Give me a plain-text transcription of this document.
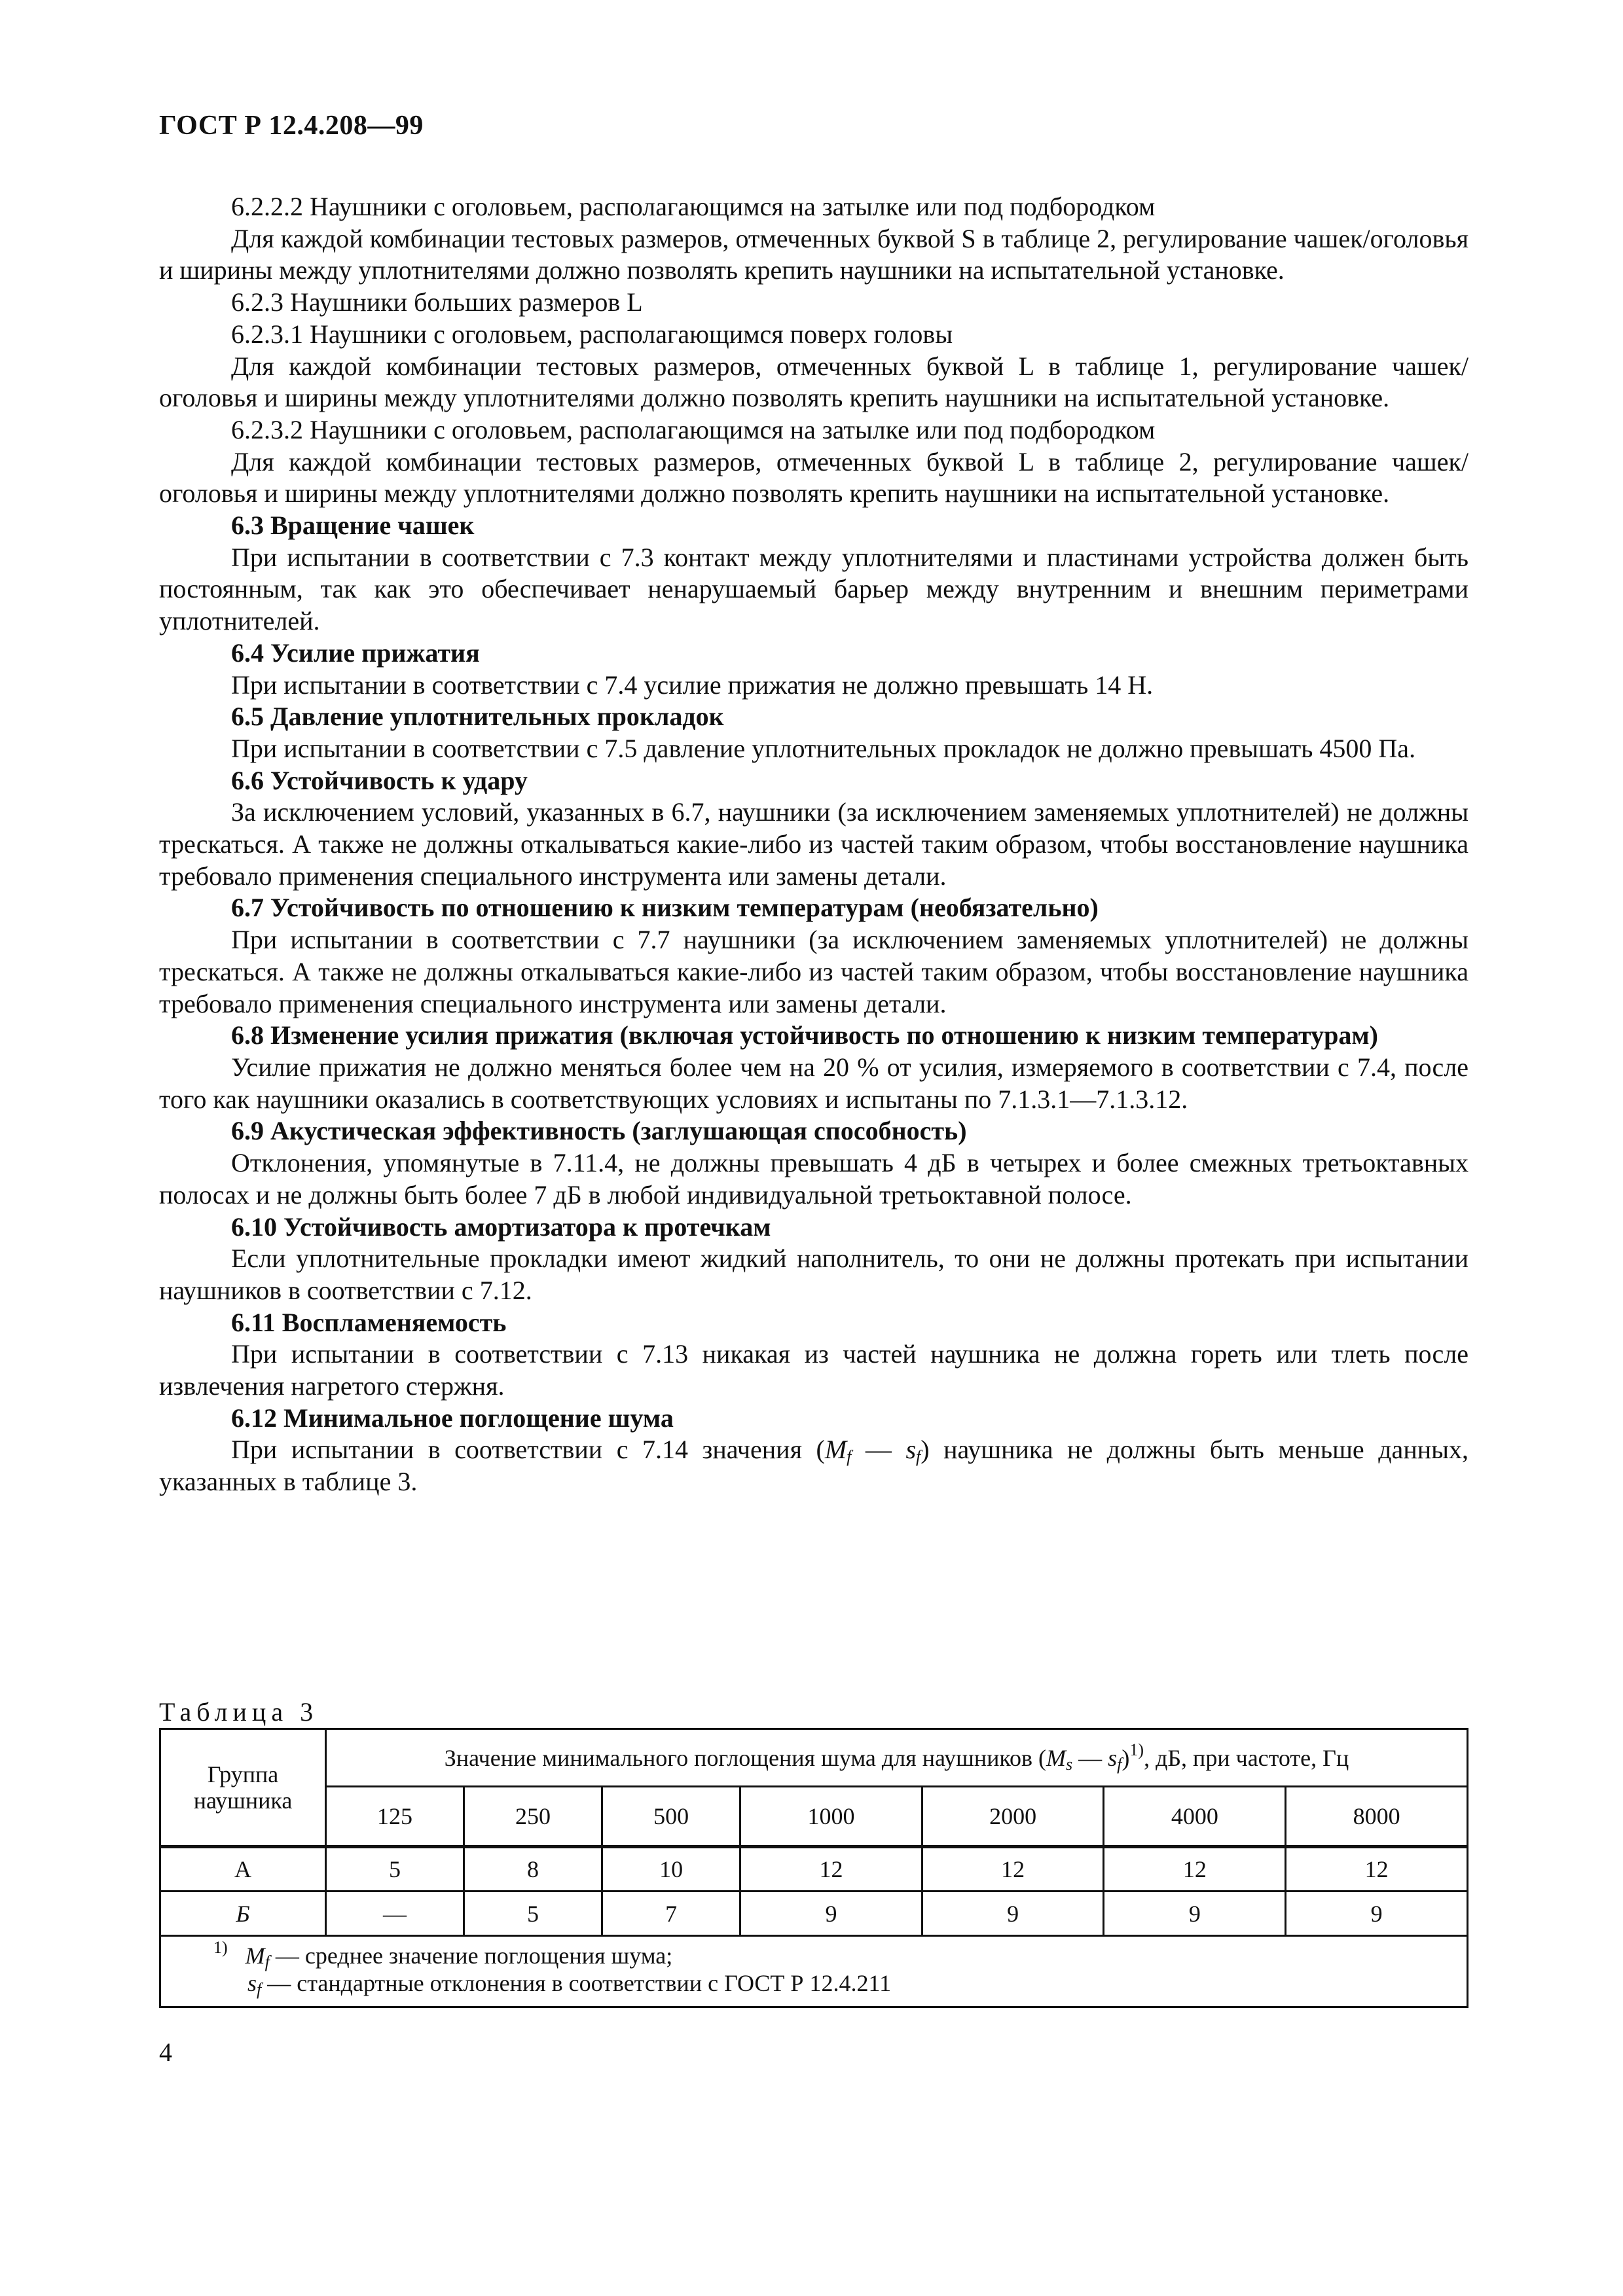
ГОСТ Р 12.4.208—99

6.2.2.2 Наушники с оголовьем, располагающимся на затылке или под подбородком

Для каждой комбинации тестовых размеров, отмеченных буквой S в таблице 2, регулирование чашек/оголовья и ширины между уплотнителями должно позволять крепить наушники на испытательной установке.

6.2.3 Наушники больших размеров L

6.2.3.1 Наушники с оголовьем, располагающимся поверх головы

Для каждой комбинации тестовых размеров, отмеченных буквой L в таблице 1, регулирование чашек/оголовья и ширины между уплотнителями должно позволять крепить наушники на испытательной установке.

6.2.3.2 Наушники с оголовьем, располагающимся на затылке или под подбородком

Для каждой комбинации тестовых размеров, отмеченных буквой L в таблице 2, регулирование чашек/оголовья и ширины между уплотнителями должно позволять крепить наушники на испытательной установке.

6.3 Вращение чашек

При испытании в соответствии с 7.3 контакт между уплотнителями и пластинами устройства должен быть постоянным, так как это обеспечивает ненарушаемый барьер между внутренним и внешним периметрами уплотнителей.

6.4 Усилие прижатия

При испытании в соответствии с 7.4 усилие прижатия не должно превышать 14 Н.

6.5 Давление уплотнительных прокладок

При испытании в соответствии с 7.5 давление уплотнительных прокладок не должно превышать 4500 Па.

6.6 Устойчивость к удару

За исключением условий, указанных в 6.7, наушники (за исключением заменяемых уплотнителей) не должны трескаться. А также не должны откалываться какие-либо из частей таким образом, чтобы восстановление наушника требовало применения специального инструмента или замены детали.

6.7 Устойчивость по отношению к низким температурам (необязательно)

При испытании в соответствии с 7.7 наушники (за исключением заменяемых уплотнителей) не должны трескаться. А также не должны откалываться какие-либо из частей таким образом, чтобы восстановление наушника требовало применения специального инструмента или замены детали.

6.8 Изменение усилия прижатия (включая устойчивость по отношению к низким температурам)

Усилие прижатия не должно меняться более чем на 20 % от усилия, измеряемого в соответствии с 7.4, после того как наушники оказались в соответствующих условиях и испытаны по 7.1.3.1—7.1.3.12.

6.9 Акустическая эффективность (заглушающая способность)

Отклонения, упомянутые в 7.11.4, не должны превышать 4 дБ в четырех и более смежных третьоктавных полосах и не должны быть более 7 дБ в любой индивидуальной третьоктавной полосе.

6.10 Устойчивость амортизатора к протечкам

Если уплотнительные прокладки имеют жидкий наполнитель, то они не должны протекать при испытании наушников в соответствии с 7.12.

6.11 Воспламеняемость

При испытании в соответствии с 7.13 никакая из частей наушника не должна гореть или тлеть после извлечения нагретого стержня.

6.12 Минимальное поглощение шума

При испытании в соответствии с 7.14 значения ($M_f$ — $s_f$) наушника не должны быть меньше данных, указанных в таблице 3.

Таблица 3
Группа
наушника	Значение минимального поглощения шума для наушников ($M_s$ — $s_f)^{1)}$, дБ, при частоте, Гц						
	125	250	500	1000	2000	4000	8000
А	5	8	10	12	12	12	12
Б	—	5	7	9	9	9	9

$^{1)}$ $M_f$ — среднее значение поглощения шума;
$s_f$ — стандартные отклонения в соответствии с ГОСТ Р 12.4.211							
4
